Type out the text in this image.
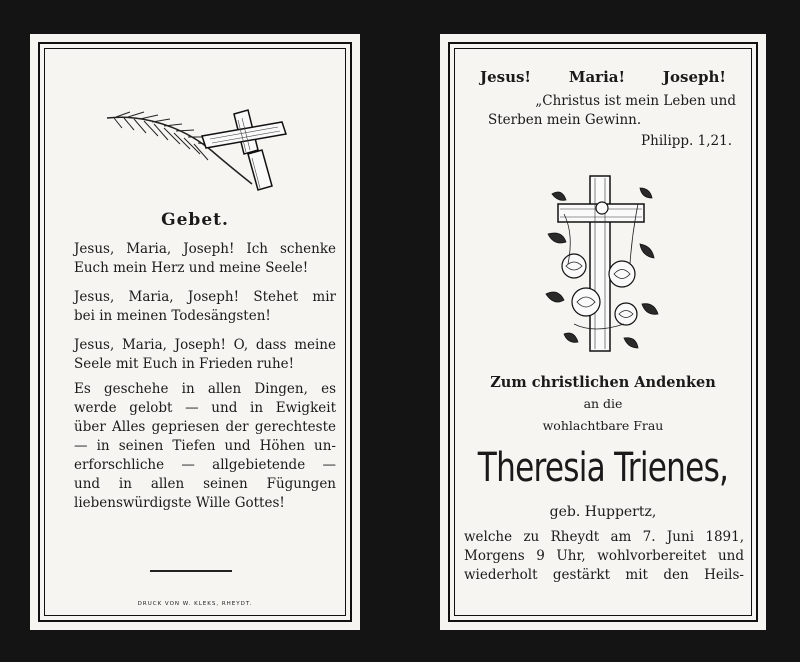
Gebet.
Jesus, Maria, Joseph! Ich schenke
Euch mein Herz und meine Seele!
Jesus, Maria, Joseph! Stehet mir
bei in meinen Todesängsten!
Jesus, Maria, Joseph! O, dass meine
Seele mit Euch in Frieden ruhe!
Es geschehe in allen Dingen, es
werde gelobt — und in Ewigkeit
über Alles gepriesen der gerechteste
— in seinen Tiefen und Höhen un-
erforschliche — allgebietende —
und in allen seinen Fügungen
liebenswürdigste Wille Gottes!
DRUCK VON W. KLEKS, RHEYDT.
Jesus!	Maria!	Joseph!
„Christus ist mein Leben und
Sterben mein Gewinn.
Philipp. 1,21.
Zum christlichen Andenken
an die
wohlachtbare Frau
Theresia Trienes,
geb. Huppertz,
welche zu Rheydt am 7. Juni 1891,
Morgens 9 Uhr, wohlvorbereitet und
wiederholt gestärkt mit den Heils-
